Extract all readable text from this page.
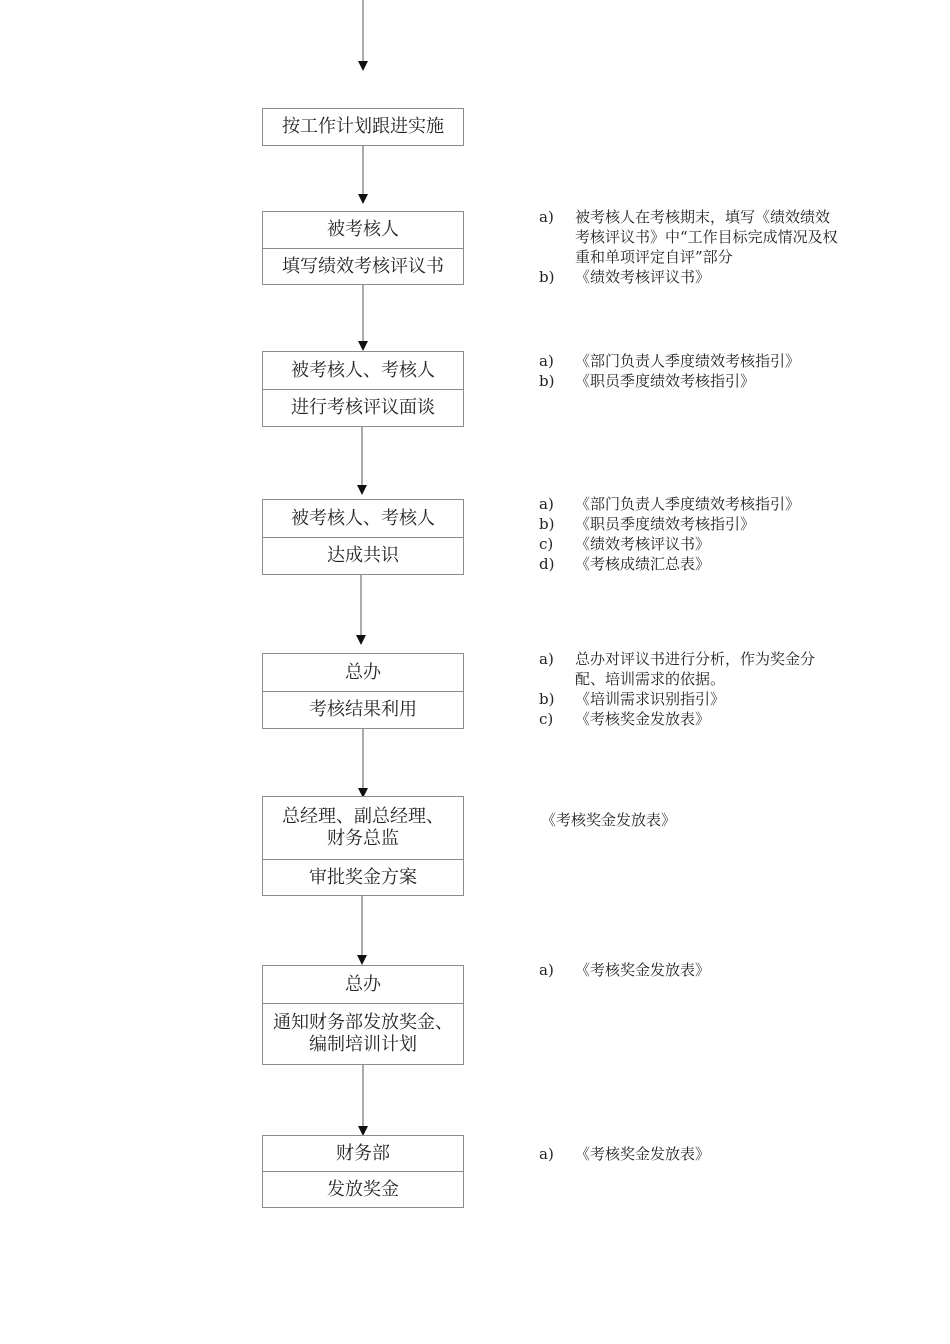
按工作计划跟进实施
被考核人
填写绩效考核评议书
被考核人、考核人
进行考核评议面谈
被考核人、考核人
达成共识
总办
考核结果利用
总经理、副总经理、
财务总监
审批奖金方案
总办
通知财务部发放奖金、
编制培训计划
财务部
发放奖金
a)	被考核人在考核期末，填写《绩效绩效考核评议书》中“工作目标完成情况及权重和单项评定自评”部分
b)	《绩效考核评议书》
a)	《部门负责人季度绩效考核指引》
b)	《职员季度绩效考核指引》
a)	《部门负责人季度绩效考核指引》
b)	《职员季度绩效考核指引》
c)	《绩效考核评议书》
d)	《考核成绩汇总表》
a)	总办对评议书进行分析，作为奖金分配、培训需求的依据。
b)	《培训需求识别指引》
c)	《考核奖金发放表》
《考核奖金发放表》
a)	《考核奖金发放表》
a)	《考核奖金发放表》
